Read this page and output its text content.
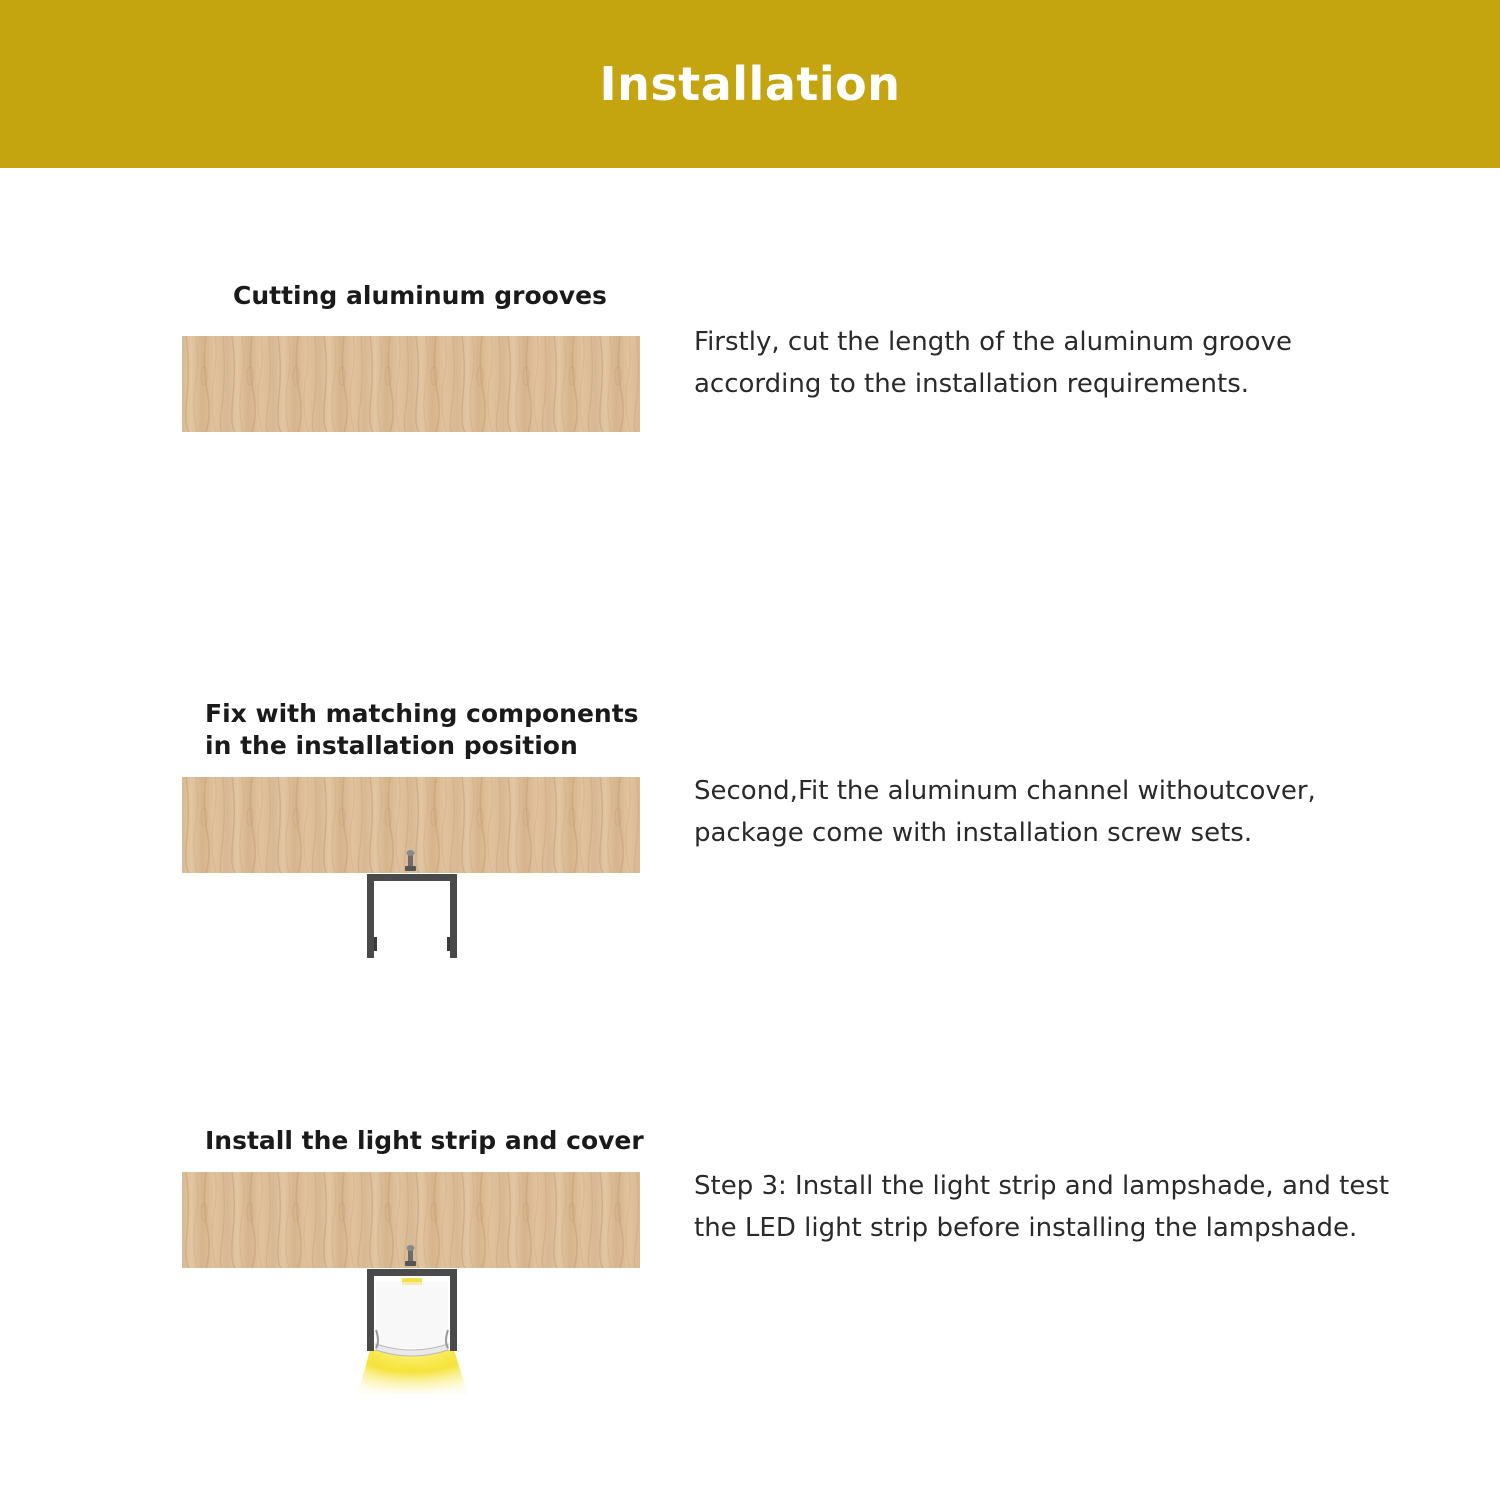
Installation
Cutting aluminum grooves
Firstly, cut the length of the aluminum groove
according to the installation requirements.
Fix with matching components
in the installation position
Second,Fit the aluminum channel withoutcover,
package come with installation screw sets.
Install the light strip and cover
Step 3: Install the light strip and lampshade, and test
the LED light strip before installing the lampshade.
